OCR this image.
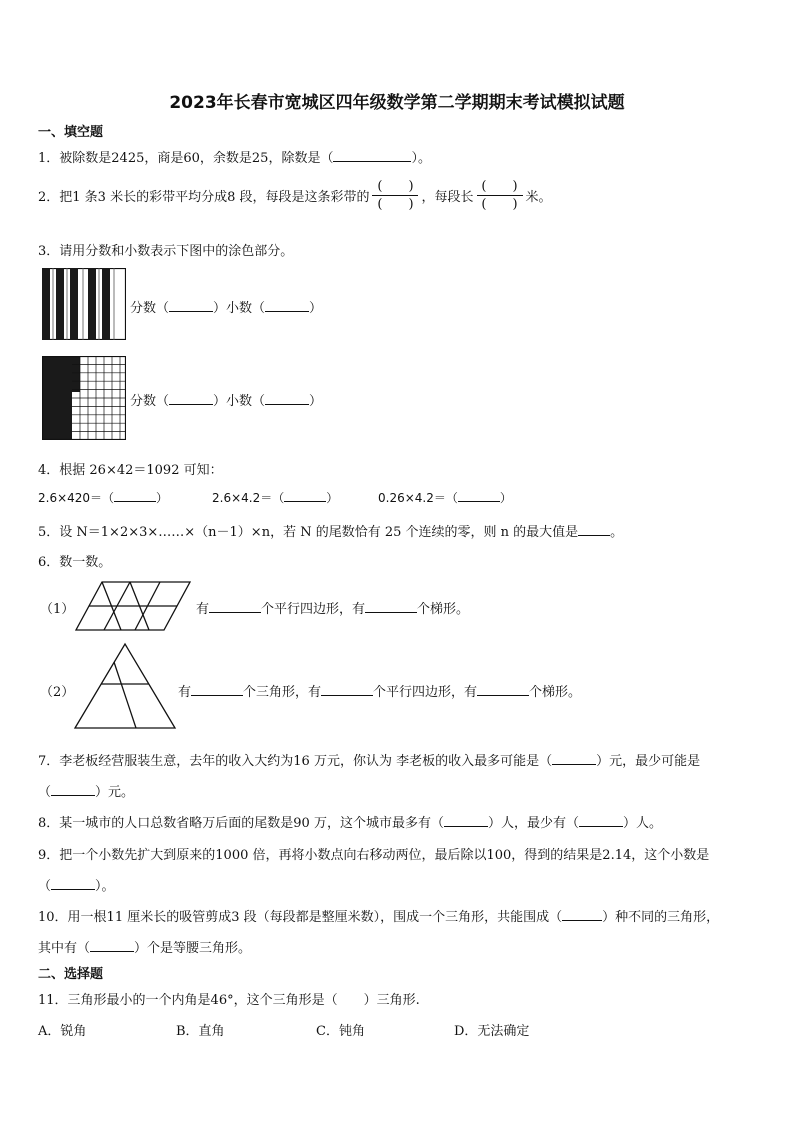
2023年长春市宽城区四年级数学第二学期期末考试模拟试题
一、填空题
1．被除数是2425，商是60，余数是25，除数是（	）。
2．把1 条3 米长的彩带平均分成8 段，每段是这条彩带的 $\frac{( )}{( )}$ ，每段长 $\frac{( )}{( )}$ 米。
3．请用分数和小数表示下图中的涂色部分。
分数（	）小数（	）
分数（	）小数（	）
4．根据 26×42＝1092 可知：
2.6×420＝（	）	2.6×4.2＝（	）	0.26×4.2＝（	）
5．设 N＝1×2×3×……×（n－1）×n，若 N 的尾数恰有 25 个连续的零，则 n 的最大值是 。
6．数一数。
（1）	有	个平行四边形，有	个梯形。
（2）	有	个三角形，有	个平行四边形，有	个梯形。
7．李老板经营服装生意，去年的收入大约为16 万元，你认为 李老板的收入最多可能是（	）元，最少可能是
（	）元。
8．某一城市的人口总数省略万后面的尾数是90 万，这个城市最多有（	）人，最少有（	）人。
9．把一个小数先扩大到原来的1000 倍，再将小数点向右移动两位，最后除以100，得到的结果是2.14，这个小数是
（	）。
10．用一根11 厘米长的吸管剪成3 段（每段都是整厘米数），围成一个三角形，共能围成（	）种不同的三角形，
其中有（	）个是等腰三角形。
二、选择题
11．三角形最小的一个内角是46°，这个三角形是（　　）三角形.
A．锐角	B．直角	C．钝角	D．无法确定
